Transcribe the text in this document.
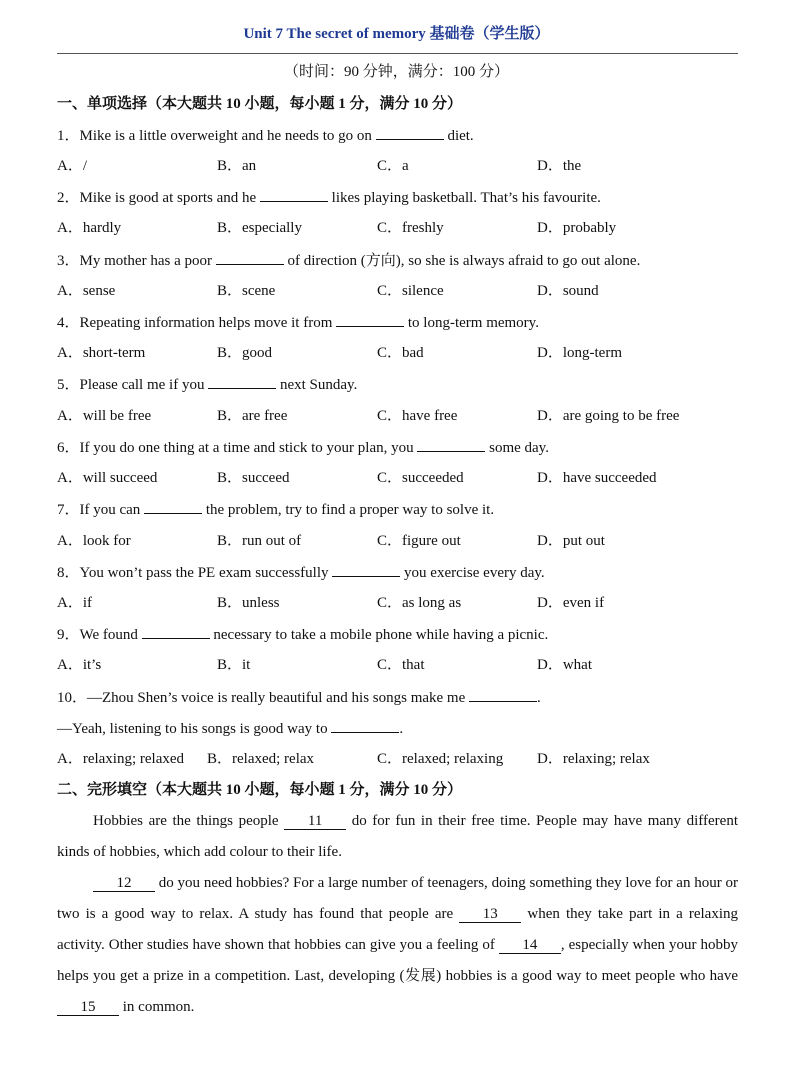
Unit 7 The secret of memory 基础卷（学生版）
（时间：90 分钟，满分：100 分）
一、单项选择（本大题共 10 小题，每小题 1 分，满分 10 分）
1．Mike is a little overweight and he needs to go on	diet.
A．/	B．an	C．a	D．the
2．Mike is good at sports and he	likes playing basketball. That’s his favourite.
A．hardly	B．especially	C．freshly	D．probably
3．My mother has a poor	of direction (方向), so she is always afraid to go out alone.
A．sense	B．scene	C．silence	D．sound
4．Repeating information helps move it from	to long-term memory.
A．short-term	B．good	C．bad	D．long-term
5．Please call me if you	next Sunday.
A．will be free	B．are free	C．have free	D．are going to be free
6．If you do one thing at a time and stick to your plan, you	some day.
A．will succeed	B．succeed	C．succeeded	D．have succeeded
7．If you can	the problem, try to find a proper way to solve it.
A．look for	B．run out of	C．figure out	D．put out
8．You won’t pass the PE exam successfully	you exercise every day.
A．if	B．unless	C．as long as	D．even if
9．We found	necessary to take a mobile phone while having a picnic.
A．it’s	B．it	C．that	D．what
10．—Zhou Shen’s voice is really beautiful and his songs make me	.
—Yeah, listening to his songs is good way to	.
A．relaxing; relaxed B．relaxed; relax	C．relaxed; relaxing D．relaxing; relax
二、完形填空（本大题共 10 小题，每小题 1 分，满分 10 分）
Hobbies are the things people 11 do for fun in their free time. People may have many different kinds of hobbies, which add colour to their life.
12 do you need hobbies? For a large number of teenagers, doing something they love for an hour or two is a good way to relax. A study has found that people are 13 when they take part in a relaxing activity. Other studies have shown that hobbies can give you a feeling of 14 , especially when your hobby helps you get a prize in a competition. Last, developing (发展) hobbies is a good way to meet people who have 15 in common.
